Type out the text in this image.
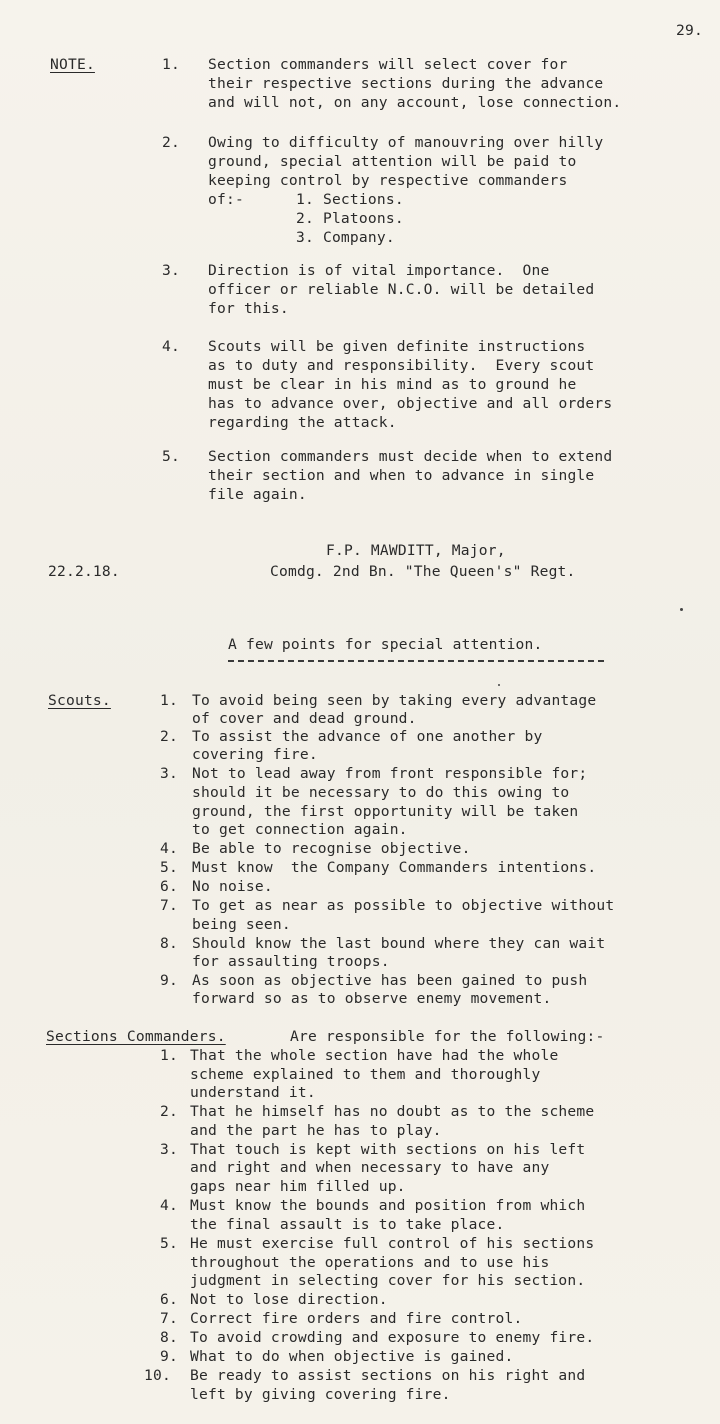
29.
NOTE.	1. Section commanders will select cover for
their respective sections during the advance
and will not, on any account, lose connection.
2. Owing to difficulty of manouvring over hilly
ground, special attention will be paid to
keeping control by respective commanders
of:-	1. Sections.
2. Platoons.
3. Company.
3. Direction is of vital importance.  One
officer or reliable N.C.O. will be detailed
for this.
4. Scouts will be given definite instructions
as to duty and responsibility.  Every scout
must be clear in his mind as to ground he
has to advance over, objective and all orders
regarding the attack.
5. Section commanders must decide when to extend
their section and when to advance in single
file again.
F.P. MAWDITT, Major,
22.2.18.	Comdg. 2nd Bn. "The Queen's" Regt.
A few points for special attention.
Scouts.	1. To avoid being seen by taking every advantage
of cover and dead ground.
2. To assist the advance of one another by
covering fire.
3. Not to lead away from front responsible for;
should it be necessary to do this owing to
ground, the first opportunity will be taken
to get connection again.
4. Be able to recognise objective.
5. Must know  the Company Commanders intentions.
6. No noise.
7. To get as near as possible to objective without
being seen.
8. Should know the last bound where they can wait
for assaulting troops.
9. As soon as objective has been gained to push
forward so as to observe enemy movement.
Sections Commanders.	Are responsible for the following:-
1. That the whole section have had the whole
scheme explained to them and thoroughly
understand it.
2. That he himself has no doubt as to the scheme
and the part he has to play.
3. That touch is kept with sections on his left
and right and when necessary to have any
gaps near him filled up.
4. Must know the bounds and position from which
the final assault is to take place.
5. He must exercise full control of his sections
throughout the operations and to use his
judgment in selecting cover for his section.
6. Not to lose direction.
7. Correct fire orders and fire control.
8. To avoid crowding and exposure to enemy fire.
9. What to do when objective is gained.
10. Be ready to assist sections on his right and
left by giving covering fire.
